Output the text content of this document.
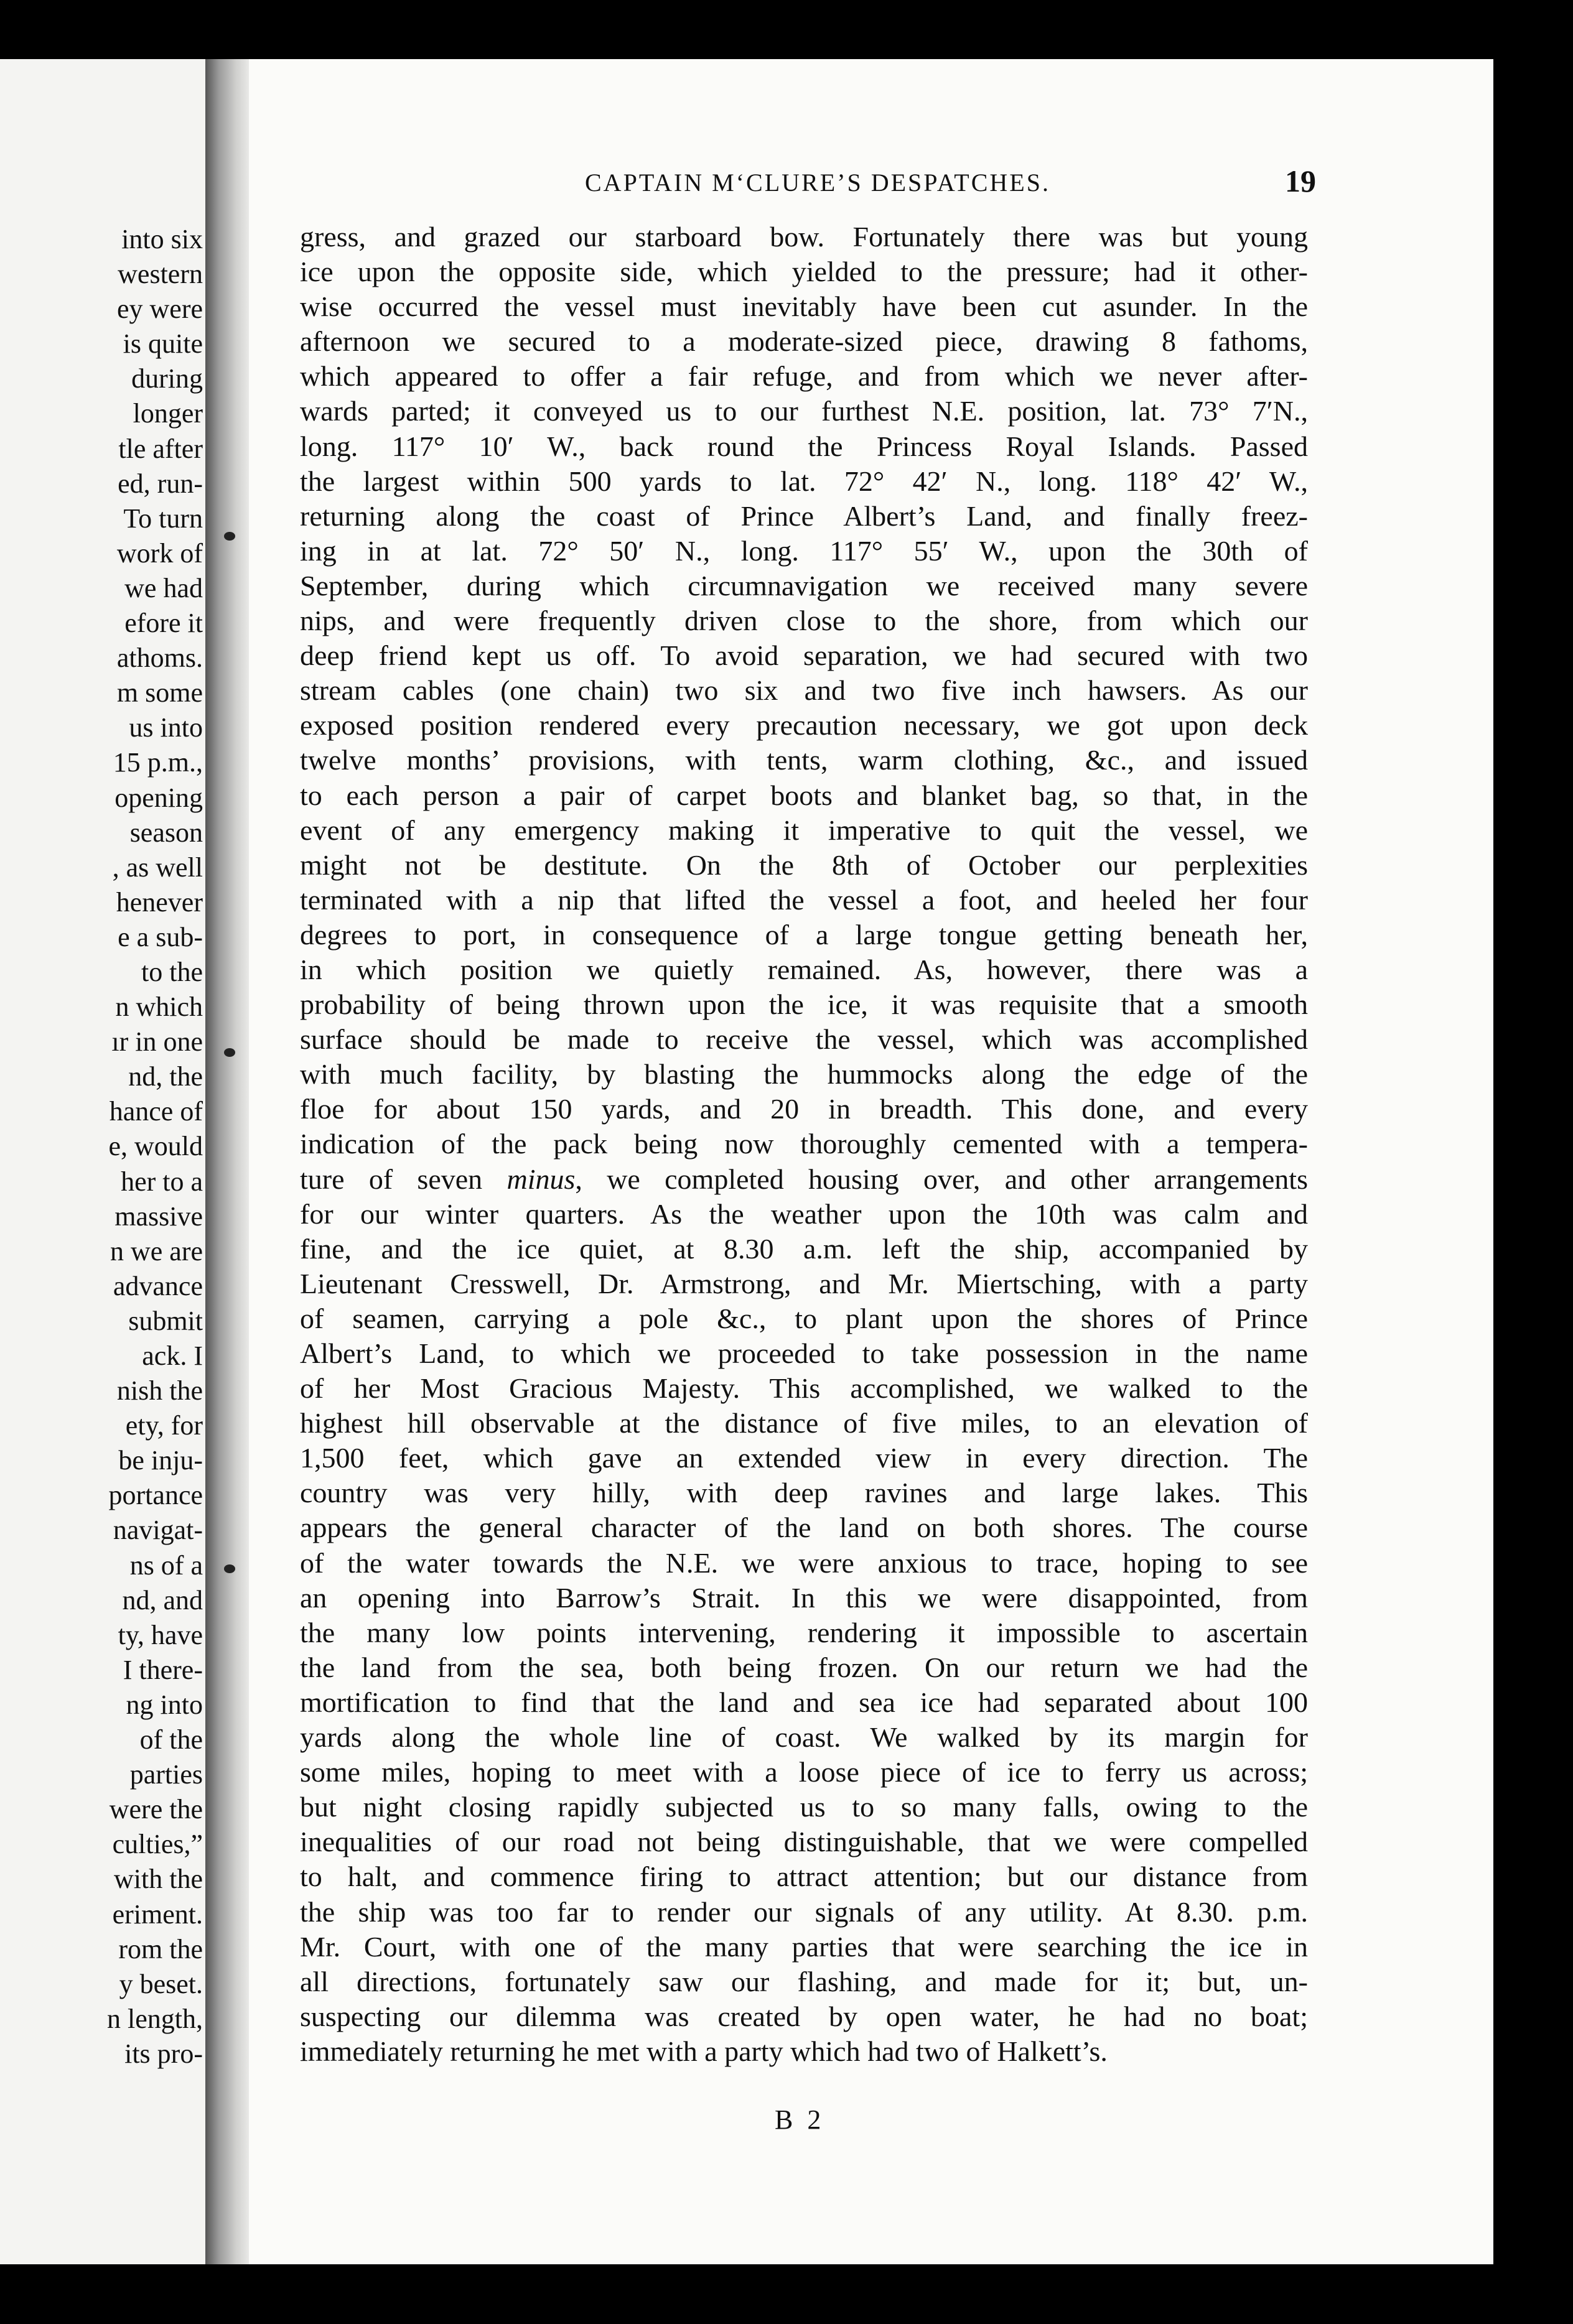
into six
western
ey were
is quite
during
longer
tle after
ed, run-
To turn
work of
we had
efore it
athoms.
m some
us into
15 p.m.,
opening
season
, as well
henever
e a sub-
to the
n which
ır in one
nd, the
hance of
e, would
her to a
massive
n we are
advance
submit
ack. I
nish the
ety, for
be inju-
portance
navigat-
ns of a
nd, and
ty, have
I there-
ng into
of the
parties
were the
culties,”
with the
eriment.
rom the
y beset.
n length,
its pro-
CAPTAIN M‘CLURE’S DESPATCHES.	19
gress, and grazed our starboard bow. Fortunately there was but young
ice upon the opposite side, which yielded to the pressure; had it other-
wise occurred the vessel must inevitably have been cut asunder. In the
afternoon we secured to a moderate-sized piece, drawing 8 fathoms,
which appeared to offer a fair refuge, and from which we never after-
wards parted; it conveyed us to our furthest N.E. position, lat. 73° 7′N.,
long. 117° 10′ W., back round the Princess Royal Islands. Passed
the largest within 500 yards to lat. 72° 42′ N., long. 118° 42′ W.,
returning along the coast of Prince Albert’s Land, and finally freez-
ing in at lat. 72° 50′ N., long. 117° 55′ W., upon the 30th of
September, during which circumnavigation we received many severe
nips, and were frequently driven close to the shore, from which our
deep friend kept us off. To avoid separation, we had secured with two
stream cables (one chain) two six and two five inch hawsers. As our
exposed position rendered every precaution necessary, we got upon deck
twelve months’ provisions, with tents, warm clothing, &c., and issued
to each person a pair of carpet boots and blanket bag, so that, in the
event of any emergency making it imperative to quit the vessel, we
might not be destitute. On the 8th of October our perplexities
terminated with a nip that lifted the vessel a foot, and heeled her four
degrees to port, in consequence of a large tongue getting beneath her,
in which position we quietly remained. As, however, there was a
probability of being thrown upon the ice, it was requisite that a smooth
surface should be made to receive the vessel, which was accomplished
with much facility, by blasting the hummocks along the edge of the
floe for about 150 yards, and 20 in breadth. This done, and every
indication of the pack being now thoroughly cemented with a tempera-
ture of seven minus, we completed housing over, and other arrangements
for our winter quarters. As the weather upon the 10th was calm and
fine, and the ice quiet, at 8.30 a.m. left the ship, accompanied by
Lieutenant Cresswell, Dr. Armstrong, and Mr. Miertsching, with a party
of seamen, carrying a pole &c., to plant upon the shores of Prince
Albert’s Land, to which we proceeded to take possession in the name
of her Most Gracious Majesty. This accomplished, we walked to the
highest hill observable at the distance of five miles, to an elevation of
1,500 feet, which gave an extended view in every direction. The
country was very hilly, with deep ravines and large lakes. This
appears the general character of the land on both shores. The course
of the water towards the N.E. we were anxious to trace, hoping to see
an opening into Barrow’s Strait. In this we were disappointed, from
the many low points intervening, rendering it impossible to ascertain
the land from the sea, both being frozen. On our return we had the
mortification to find that the land and sea ice had separated about 100
yards along the whole line of coast. We walked by its margin for
some miles, hoping to meet with a loose piece of ice to ferry us across;
but night closing rapidly subjected us to so many falls, owing to the
inequalities of our road not being distinguishable, that we were compelled
to halt, and commence firing to attract attention; but our distance from
the ship was too far to render our signals of any utility. At 8.30. p.m.
Mr. Court, with one of the many parties that were searching the ice in
all directions, fortunately saw our flashing, and made for it; but, un-
suspecting our dilemma was created by open water, he had no boat;
immediately returning he met with a party which had two of Halkett’s.
B 2
